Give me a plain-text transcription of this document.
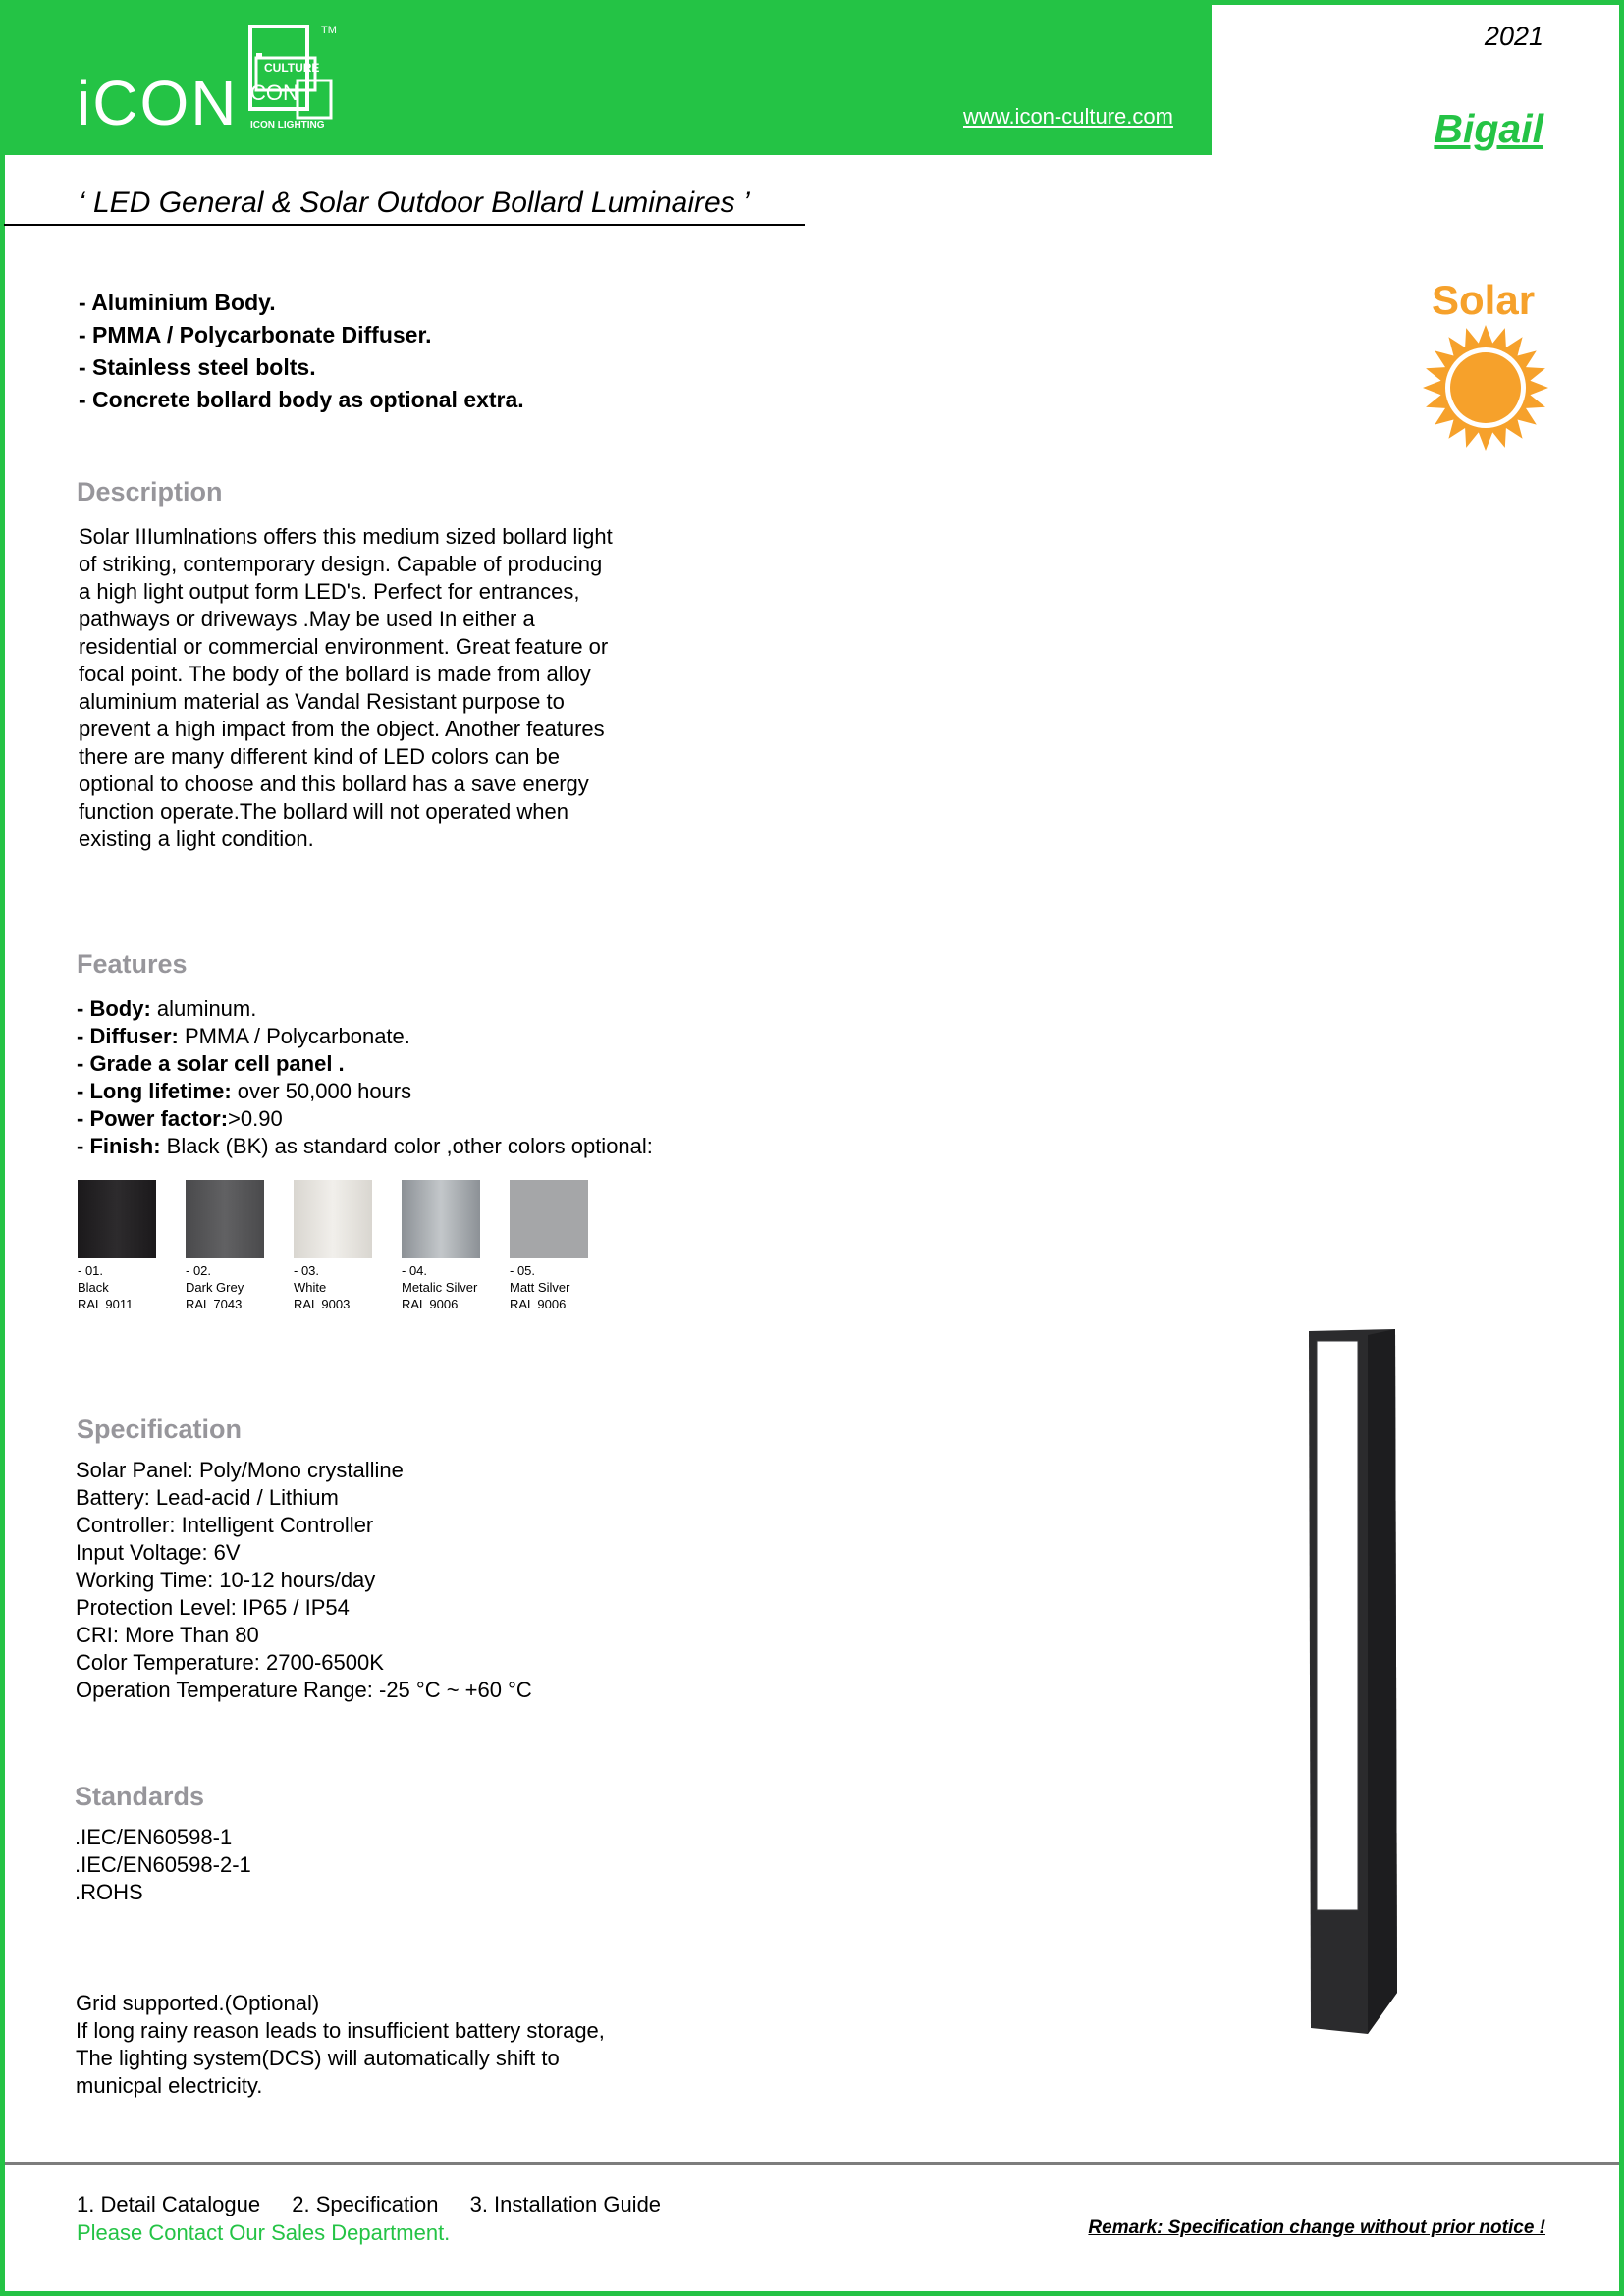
iCON CULTURE
CON
TM
ICON LIGHTING	www.icon-culture.com
2021
Bigail
‘ LED General & Solar Outdoor Bollard Luminaires ’
- Aluminium Body.
- PMMA / Polycarbonate Diffuser.
- Stainless steel bolts.
- Concrete bollard body as optional extra.
Solar
Description
Solar IIIumlnations offers this medium sized bollard light
of striking, contemporary design. Capable of producing
a high light output form LED's. Perfect for entrances,
pathways or driveways .May be used In either a
residential or commercial environment. Great feature or
focal point. The body of the bollard is made from alloy
aluminium material as Vandal Resistant purpose to
prevent a high impact from the object. Another features
there are many different kind of LED colors can be
optional to choose and this bollard has a save energy
function operate.The bollard will not operated when
existing a light condition.
Features
- Body: aluminum.
- Diffuser: PMMA / Polycarbonate.
- Grade a solar cell panel .
- Long lifetime: over 50,000 hours
- Power factor:>0.90
- Finish: Black (BK) as standard color ,other colors optional:
- 01.
Black
RAL 9011
- 02.
Dark Grey
RAL 7043
- 03.
White
RAL 9003
- 04.
Metalic Silver
RAL 9006
- 05.
Matt Silver
RAL 9006
Specification
Solar Panel: Poly/Mono crystalline
Battery: Lead-acid / Lithium
Controller: Intelligent Controller
Input Voltage: 6V
Working Time: 10-12 hours/day
Protection Level: IP65 / IP54
CRI: More Than 80
Color Temperature: 2700-6500K
Operation Temperature Range: -25 °C ~ +60 °C
Standards
.IEC/EN60598-1
.IEC/EN60598-2-1
.ROHS
Grid supported.(Optional)
If long rainy reason leads to insufficient battery storage,
The lighting system(DCS) will automatically shift to
municpal electricity.
1. Detail Catalogue 2. Specification 3. Installation Guide
Please Contact Our Sales Department.	Remark: Specification change without prior notice !
